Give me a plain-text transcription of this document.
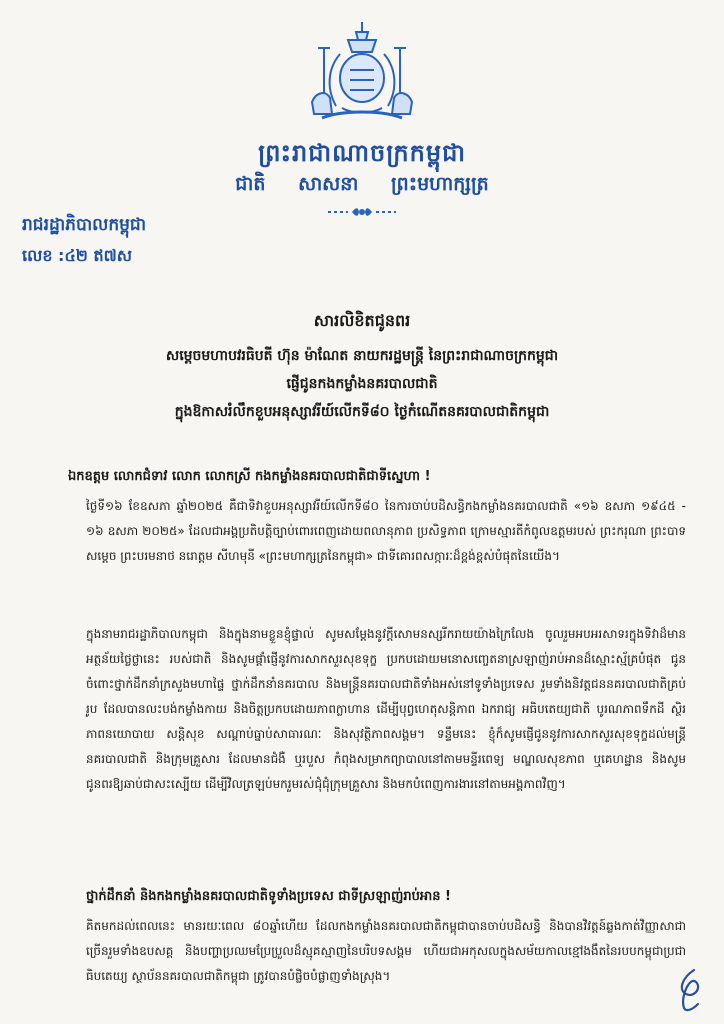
ព្រះរាជាណាចក្រកម្ពុជា
ជាតិ សាសនា ព្រះមហាក្សត្រ
រាជរដ្ឋាភិបាលកម្ពុជា
លេខ :៤២ ឥ៧ស
សារលិខិតជូនពរ
សម្តេចមហាបវរធិបតី ហ៊ុន ម៉ាណែត នាយករដ្ឋមន្ត្រី នៃព្រះរាជាណាចក្រកម្ពុជា
ផ្ញើជូនកងកម្លាំងនគរបាលជាតិ
ក្នុងឱកាសរំលឹកខួបអនុស្សាវរីយ៍លើកទី៨០ ថ្ងៃកំណើតនគរបាលជាតិកម្ពុជា
ឯកឧត្តម លោកជំទាវ លោក លោកស្រី កងកម្លាំងនគរបាលជាតិជាទីស្នេហា !
ថ្ងៃទី១៦ ខែឧសភា ឆ្នាំ២០២៥ គឺជាទិវាខួបអនុស្សាវរីយ៍លើកទី៨០ នៃការចាប់បដិសន្ធិកងកម្លាំងនគរបាលជាតិ «១៦ ឧសភា ១៩៤៥ - ១៦ ឧសភា ២០២៥» ដែលជាអង្គប្រតិបត្តិច្បាប់ពោរពេញដោយពលានុភាព ប្រសិទ្ធភាព ក្រោមស្មារតីកំពូលឧត្តមរបស់ ព្រះករុណា ព្រះបាទសម្តេច ព្រះបរមនាថ នរោត្តម សីហមុនី «ព្រះមហាក្សត្រនៃកម្ពុជា» ជាទីគោរពសក្ការៈដ៏ខ្ពង់ខ្ពស់បំផុតនៃយើង។
ក្នុងនាមរាជរដ្ឋាភិបាលកម្ពុជា និងក្នុងនាមខ្លួនខ្ញុំផ្ទាល់ សូមសម្តែងនូវក្តីសោមនស្សរីករាយយ៉ាងក្រៃលែង ចូលរួមអបអរសាទរក្នុងទិវាដ៏មានអត្ថន័យថ្លៃថ្លានេះ របស់ជាតិ និងសូមផ្តាំផ្ញើនូវការសាកសួរសុខទុក្ខ ប្រកបដោយមនោសញ្ចេតនាស្រឡាញ់រាប់អានដ៏ស្មោះស្ម័គ្របំផុត ជូនចំពោះថ្នាក់ដឹកនាំក្រសួងមហាផ្ទៃ ថ្នាក់ដឹកនាំនគរបាល និងមន្ត្រីនគរបាលជាតិទាំងអស់នៅទូទាំងប្រទេស រួមទាំងនិវត្តជននគរបាលជាតិគ្រប់រូប ដែលបានលះបង់កម្លាំងកាយ និងចិត្តប្រកបដោយភាពក្លាហាន ដើម្បីបុព្វហេតុសន្តិភាព ឯករាជ្យ អធិបតេយ្យជាតិ បូរណភាពទឹកដី ស្ថិរភាពនយោបាយ សន្តិសុខ សណ្តាប់ធ្នាប់សាធារណៈ និងសុវត្ថិភាពសង្គម។ ទន្ទឹមនេះ ខ្ញុំក៏សូមផ្ញើជូននូវការសាកសួរសុខទុក្ខដល់មន្ត្រីនគរបាលជាតិ និងក្រុមគ្រួសារ ដែលមានជំងឺ ឬរបួស កំពុងសម្រាកព្យាបាលនៅតាមមន្ទីរពេទ្យ មណ្ឌលសុខភាព ឬគេហដ្ឋាន និងសូមជូនពរឱ្យឆាប់ជាសះស្បើយ ដើម្បីវិលត្រឡប់មករួមរស់ជុំជុំក្រុមគ្រួសារ និងមកបំពេញការងារនៅតាមអង្គភាពវិញ។
ថ្នាក់ដឹកនាំ និងកងកម្លាំងនគរបាលជាតិទូទាំងប្រទេស ជាទីស្រឡាញ់រាប់អាន !
គិតមកដល់ពេលនេះ មានរយៈពេល ៨០ឆ្នាំហើយ ដែលកងកម្លាំងនគរបាលជាតិកម្ពុជាបានចាប់បដិសន្ធិ និងបានវិវត្តន៍ឆ្លងកាត់វិញ្ញាសាជាច្រើនរួមទាំងឧបសគ្គ និងបញ្ហាប្រឈមប្រែប្រួលដ៏ស្មុគស្មាញនៃបរិបទសង្គម ហើយជាអកុសលក្នុងសម័យកាលខ្មៅងងឹតនៃរបបកម្ពុជាប្រជាធិបតេយ្យ ស្ថាប័ននគរបាលជាតិកម្ពុជា ត្រូវបានបំផ្លិចបំផ្លាញទាំងស្រុង។
